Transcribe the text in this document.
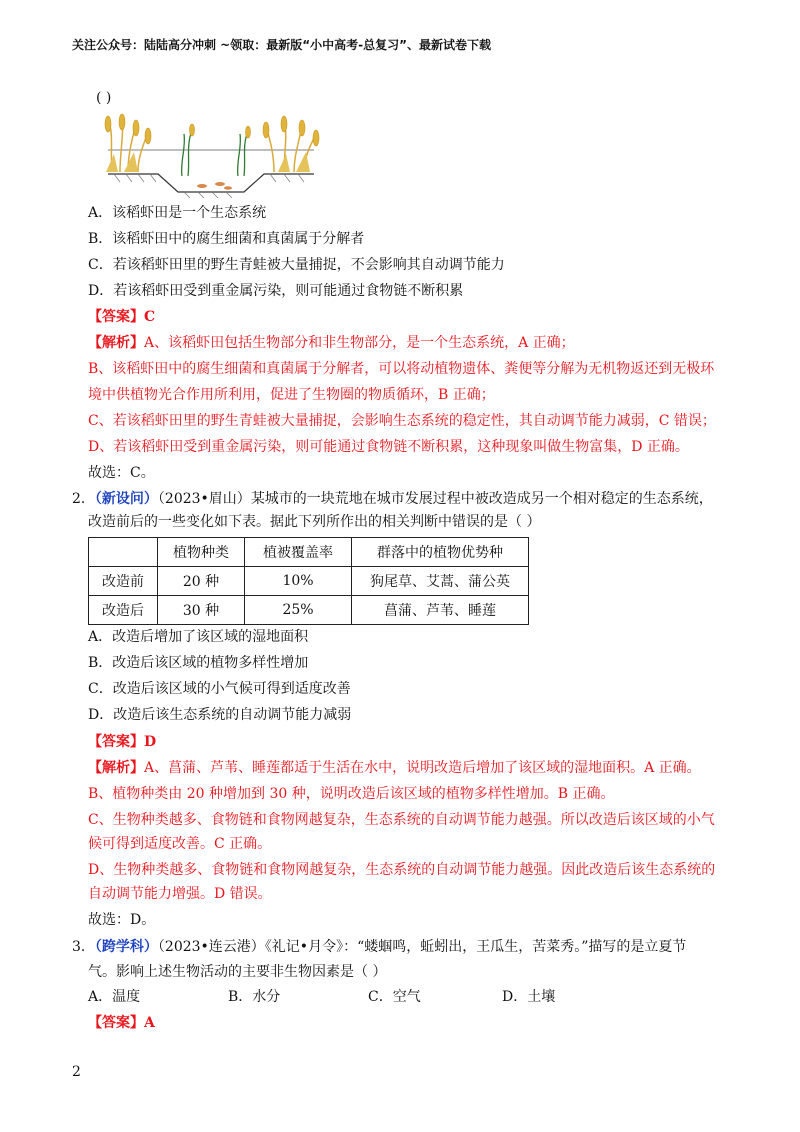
关注公众号：陆陆高分冲刺 ~领取：最新版“小中高考-总复习”、最新试卷下载
( )
A．该稻虾田是一个生态系统
B．该稻虾田中的腐生细菌和真菌属于分解者
C．若该稻虾田里的野生青蛙被大量捕捉，不会影响其自动调节能力
D．若该稻虾田受到重金属污染，则可能通过食物链不断积累
【答案】C
【解析】A、该稻虾田包括生物部分和非生物部分，是一个生态系统，A 正确；
B、该稻虾田中的腐生细菌和真菌属于分解者，可以将动植物遗体、粪便等分解为无机物返还到无极环
境中供植物光合作用所利用，促进了生物圈的物质循环，B 正确；
C、若该稻虾田里的野生青蛙被大量捕捉，会影响生态系统的稳定性，其自动调节能力减弱，C 错误；
D、若该稻虾田受到重金属污染，则可能通过食物链不断积累，这种现象叫做生物富集，D 正确。
故选：C。
2．（新设问）（2023•眉山）某城市的一块荒地在城市发展过程中被改造成另一个相对稳定的生态系统，
改造前后的一些变化如下表。据此下列所作出的相关判断中错误的是（ ）
	植物种类	植被覆盖率	群落中的植物优势种
改造前	20 种	10%	狗尾草、艾蒿、蒲公英
改造后	30 种	25%	菖蒲、芦苇、睡莲
A．改造后增加了该区域的湿地面积
B．改造后该区域的植物多样性增加
C．改造后该区域的小气候可得到适度改善
D．改造后该生态系统的自动调节能力减弱
【答案】D
【解析】A、菖蒲、芦苇、睡莲都适于生活在水中，说明改造后增加了该区域的湿地面积。A 正确。
B、植物种类由 20 种增加到 30 种，说明改造后该区域的植物多样性增加。B 正确。
C、生物种类越多、食物链和食物网越复杂，生态系统的自动调节能力越强。所以改造后该区域的小气
候可得到适度改善。C 正确。
D、生物种类越多、食物链和食物网越复杂，生态系统的自动调节能力越强。因此改造后该生态系统的
自动调节能力增强。D 错误。
故选：D。
3．（跨学科）（2023•连云港）《礼记•月令》：“蝼蝈鸣，蚯蚓出，王瓜生，苦菜秀。”描写的是立夏节
气。影响上述生物活动的主要非生物因素是（ ）
A．温度	B．水分	C．空气	D．土壤
【答案】A
2
